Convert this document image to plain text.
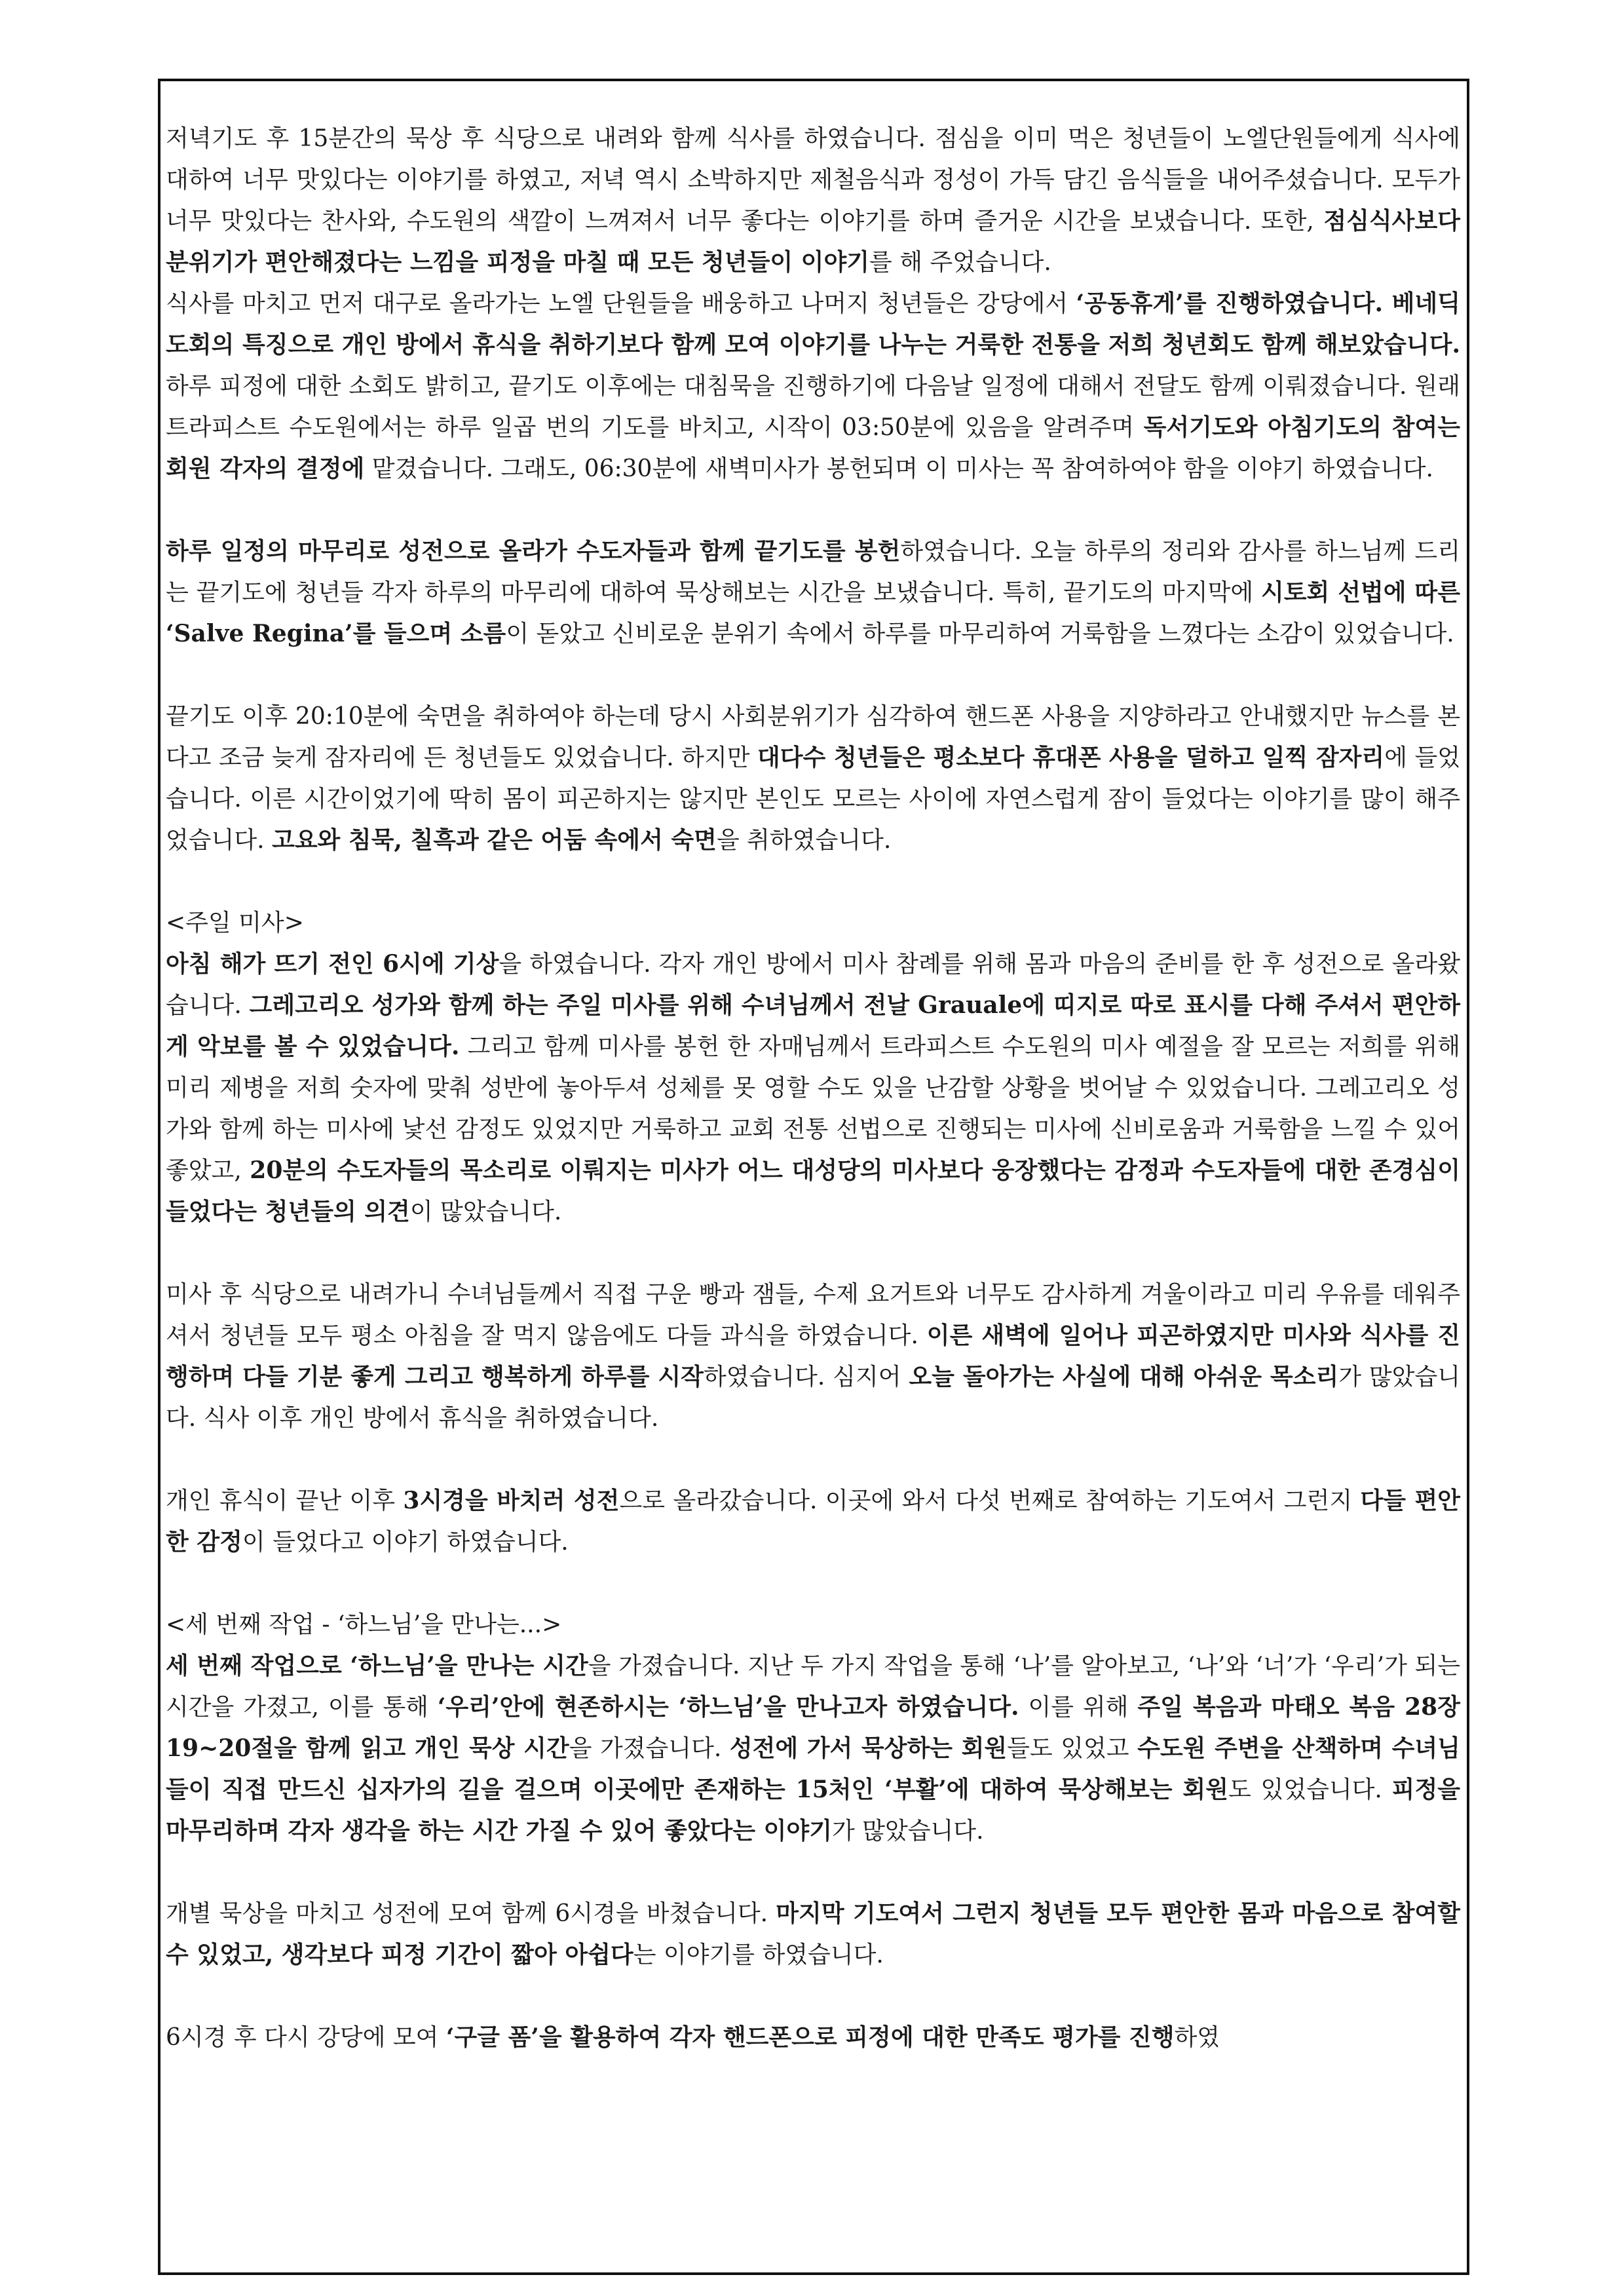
저녁기도 후 15분간의 묵상 후 식당으로 내려와 함께 식사를 하였습니다. 점심을 이미 먹은 청년들이 노엘단원들에게 식사에 대하여 너무 맛있다는 이야기를 하였고, 저녁 역시 소박하지만 제철음식과 정성이 가득 담긴 음식들을 내어주셨습니다. 모두가 너무 맛있다는 찬사와, 수도원의 색깔이 느껴져서 너무 좋다는 이야기를 하며 즐거운 시간을 보냈습니다. 또한, 점심식사보다 분위기가 편안해졌다는 느낌을 피정을 마칠 때 모든 청년들이 이야기를 해 주었습니다.

식사를 마치고 먼저 대구로 올라가는 노엘 단원들을 배웅하고 나머지 청년들은 강당에서 ‘공동휴게’를 진행하였습니다. 베네딕도회의 특징으로 개인 방에서 휴식을 취하기보다 함께 모여 이야기를 나누는 거룩한 전통을 저희 청년회도 함께 해보았습니다. 하루 피정에 대한 소회도 밝히고, 끝기도 이후에는 대침묵을 진행하기에 다음날 일정에 대해서 전달도 함께 이뤄졌습니다. 원래 트라피스트 수도원에서는 하루 일곱 번의 기도를 바치고, 시작이 03:50분에 있음을 알려주며 독서기도와 아침기도의 참여는 회원 각자의 결정에 맡겼습니다. 그래도, 06:30분에 새벽미사가 봉헌되며 이 미사는 꼭 참여하여야 함을 이야기 하였습니다.

하루 일정의 마무리로 성전으로 올라가 수도자들과 함께 끝기도를 봉헌하였습니다. 오늘 하루의 정리와 감사를 하느님께 드리는 끝기도에 청년들 각자 하루의 마무리에 대하여 묵상해보는 시간을 보냈습니다. 특히, 끝기도의 마지막에 시토회 선법에 따른 ‘Salve Regina’를 들으며 소름이 돋았고 신비로운 분위기 속에서 하루를 마무리하여 거룩함을 느꼈다는 소감이 있었습니다.

끝기도 이후 20:10분에 숙면을 취하여야 하는데 당시 사회분위기가 심각하여 핸드폰 사용을 지양하라고 안내했지만 뉴스를 본다고 조금 늦게 잠자리에 든 청년들도 있었습니다. 하지만 대다수 청년들은 평소보다 휴대폰 사용을 덜하고 일찍 잠자리에 들었습니다. 이른 시간이었기에 딱히 몸이 피곤하지는 않지만 본인도 모르는 사이에 자연스럽게 잠이 들었다는 이야기를 많이 해주었습니다. 고요와 침묵, 칠흑과 같은 어둠 속에서 숙면을 취하였습니다.

<주일 미사>

아침 해가 뜨기 전인 6시에 기상을 하였습니다. 각자 개인 방에서 미사 참례를 위해 몸과 마음의 준비를 한 후 성전으로 올라왔습니다. 그레고리오 성가와 함께 하는 주일 미사를 위해 수녀님께서 전날 Grauale에 띠지로 따로 표시를 다해 주셔서 편안하게 악보를 볼 수 있었습니다. 그리고 함께 미사를 봉헌 한 자매님께서 트라피스트 수도원의 미사 예절을 잘 모르는 저희를 위해 미리 제병을 저희 숫자에 맞춰 성반에 놓아두셔 성체를 못 영할 수도 있을 난감할 상황을 벗어날 수 있었습니다. 그레고리오 성가와 함께 하는 미사에 낯선 감정도 있었지만 거룩하고 교회 전통 선법으로 진행되는 미사에 신비로움과 거룩함을 느낄 수 있어 좋았고, 20분의 수도자들의 목소리로 이뤄지는 미사가 어느 대성당의 미사보다 웅장했다는 감정과 수도자들에 대한 존경심이 들었다는 청년들의 의견이 많았습니다.

미사 후 식당으로 내려가니 수녀님들께서 직접 구운 빵과 잼들, 수제 요거트와 너무도 감사하게 겨울이라고 미리 우유를 데워주셔서 청년들 모두 평소 아침을 잘 먹지 않음에도 다들 과식을 하였습니다. 이른 새벽에 일어나 피곤하였지만 미사와 식사를 진행하며 다들 기분 좋게 그리고 행복하게 하루를 시작하였습니다. 심지어 오늘 돌아가는 사실에 대해 아쉬운 목소리가 많았습니다. 식사 이후 개인 방에서 휴식을 취하였습니다.

개인 휴식이 끝난 이후 3시경을 바치러 성전으로 올라갔습니다. 이곳에 와서 다섯 번째로 참여하는 기도여서 그런지 다들 편안한 감정이 들었다고 이야기 하였습니다.

<세 번째 작업 - ‘하느님’을 만나는...>

세 번째 작업으로 ‘하느님’을 만나는 시간을 가졌습니다. 지난 두 가지 작업을 통해 ‘나’를 알아보고, ‘나’와 ‘너’가 ‘우리’가 되는 시간을 가졌고, 이를 통해 ‘우리’안에 현존하시는 ‘하느님’을 만나고자 하였습니다. 이를 위해 주일 복음과 마태오 복음 28장 19~20절을 함께 읽고 개인 묵상 시간을 가졌습니다. 성전에 가서 묵상하는 회원들도 있었고 수도원 주변을 산책하며 수녀님들이 직접 만드신 십자가의 길을 걸으며 이곳에만 존재하는 15처인 ‘부활’에 대하여 묵상해보는 회원도 있었습니다. 피정을 마무리하며 각자 생각을 하는 시간 가질 수 있어 좋았다는 이야기가 많았습니다.

개별 묵상을 마치고 성전에 모여 함께 6시경을 바쳤습니다. 마지막 기도여서 그런지 청년들 모두 편안한 몸과 마음으로 참여할 수 있었고, 생각보다 피정 기간이 짧아 아쉽다는 이야기를 하였습니다.

6시경 후 다시 강당에 모여 ‘구글 폼’을 활용하여 각자 핸드폰으로 피정에 대한 만족도 평가를 진행하였
